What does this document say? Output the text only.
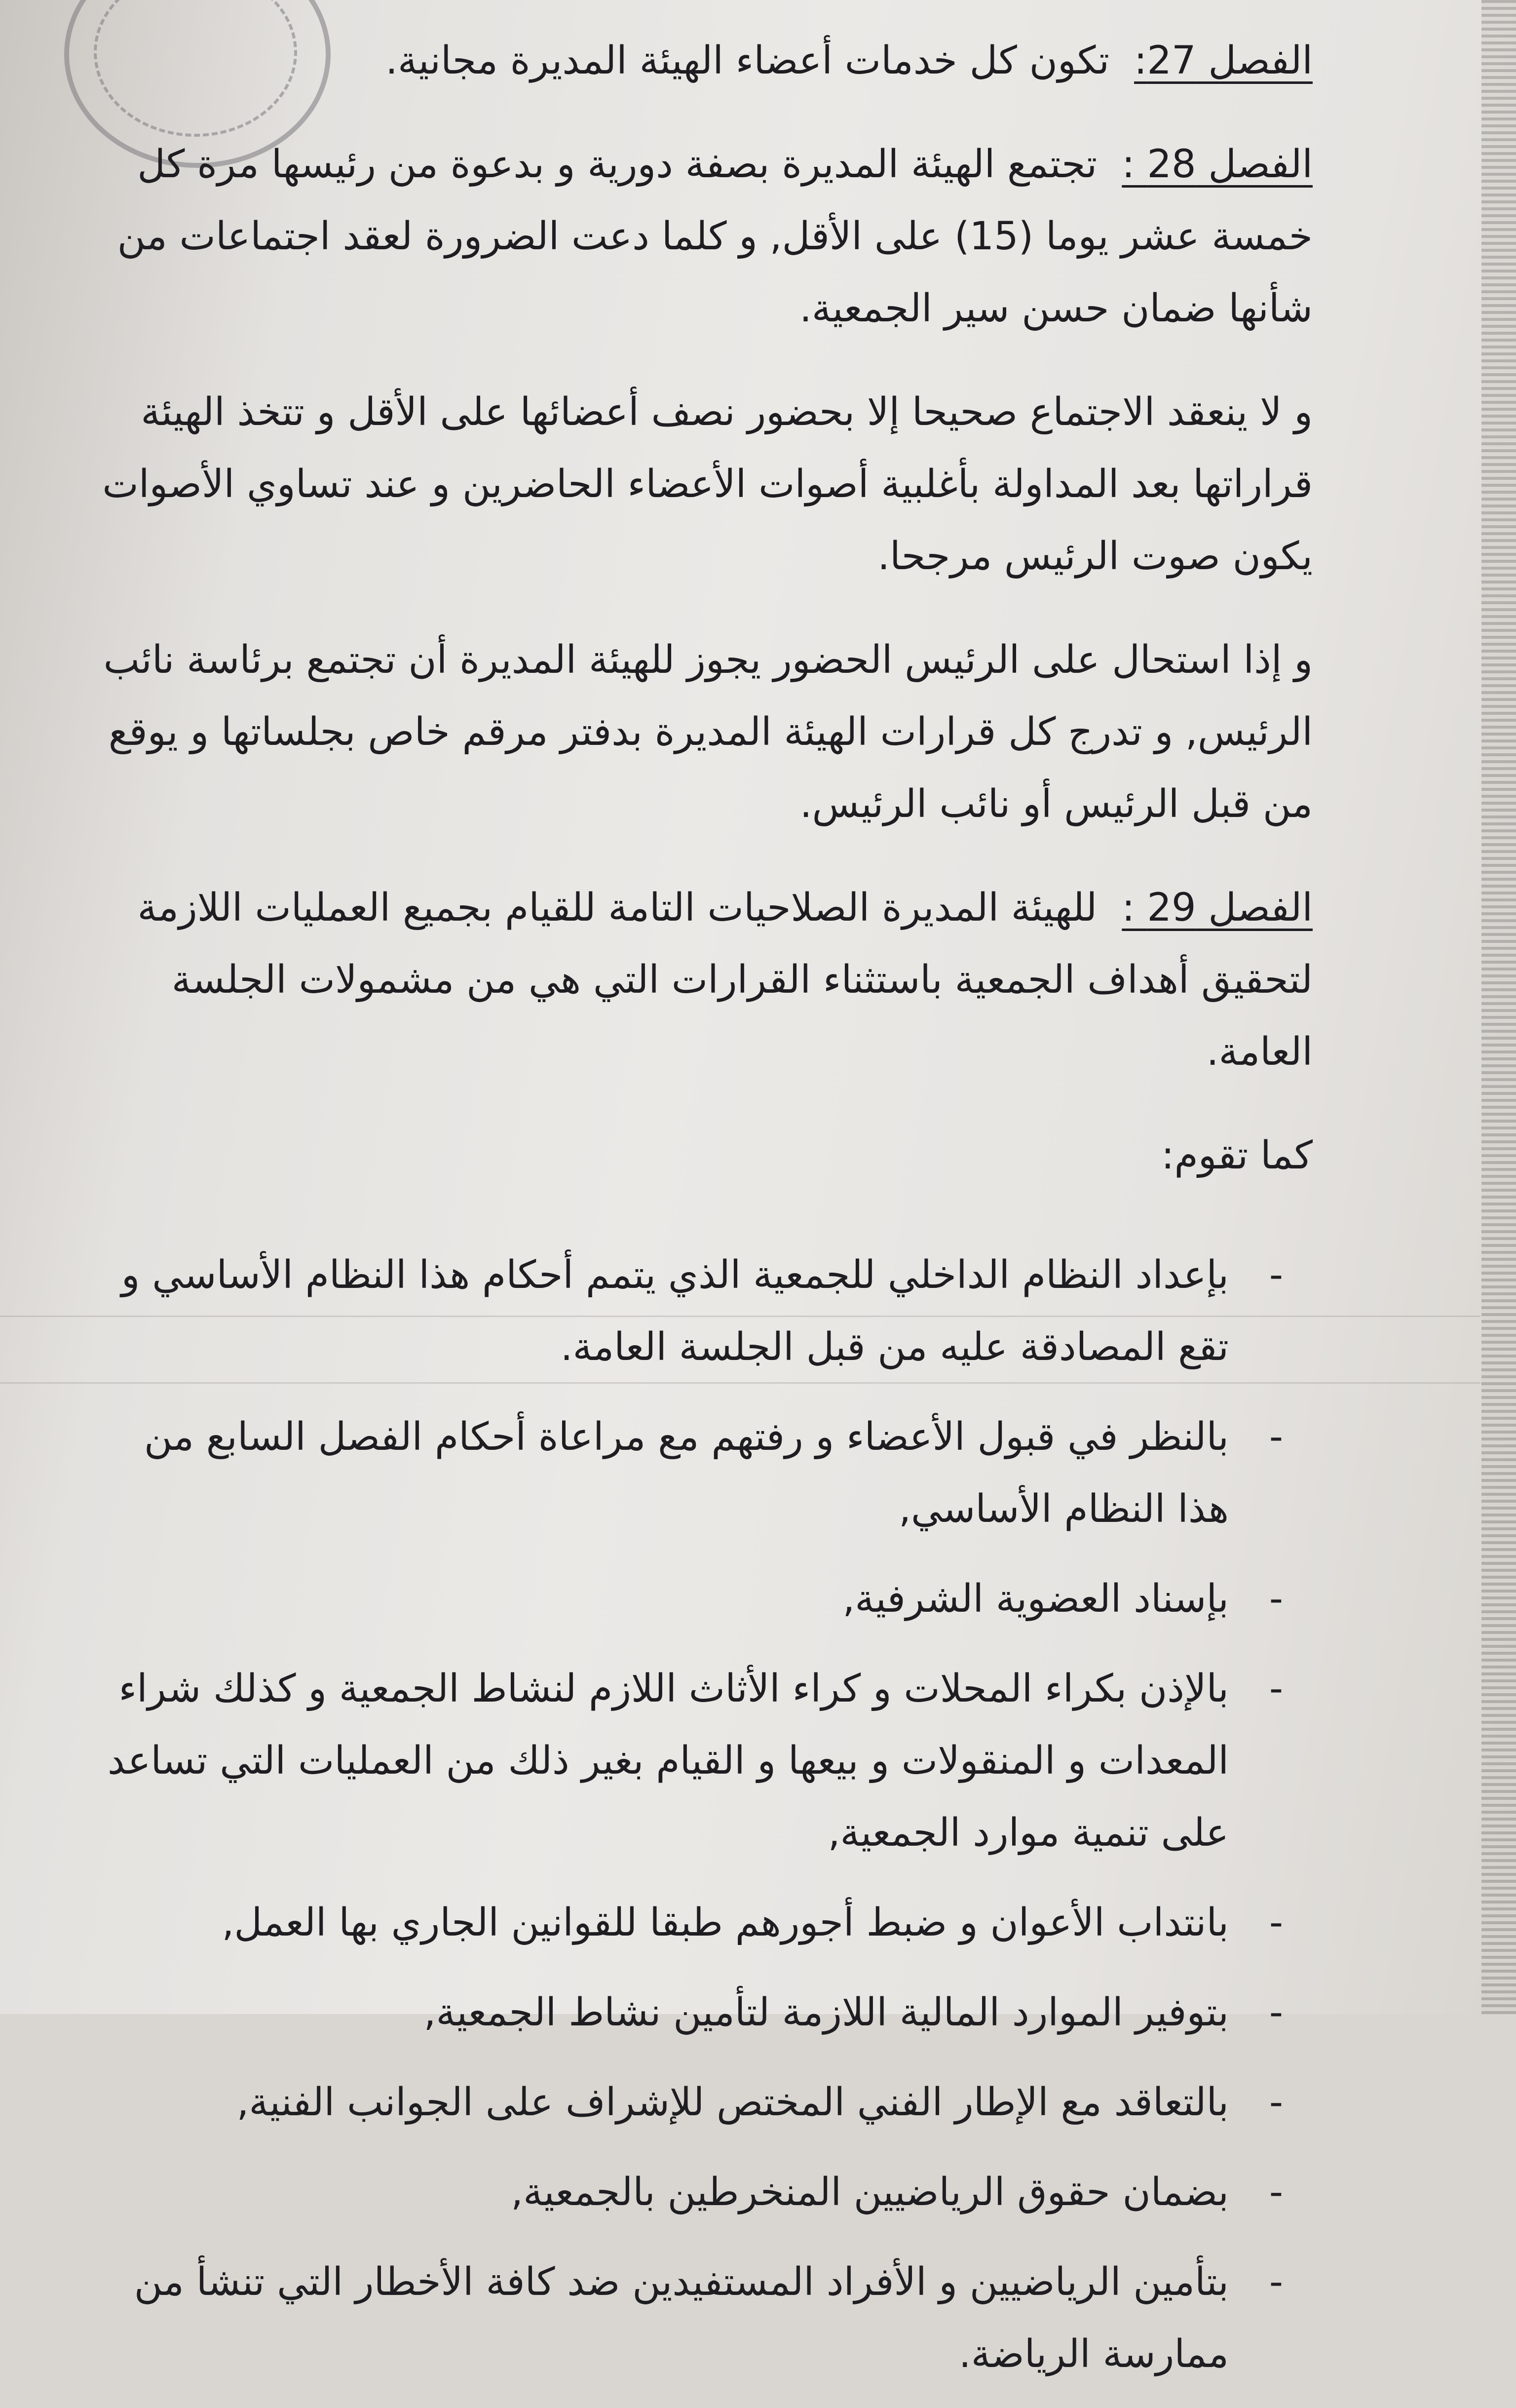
الفصل 27:تكون كل خدمات أعضاء الهيئة المديرة مجانية.

الفصل 28 :تجتمع الهيئة المديرة بصفة دورية و بدعوة من رئيسها مرة كل خمسة عشر يوما (15) على الأقل, و كلما دعت الضرورة لعقد اجتماعات من شأنها ضمان حسن سير الجمعية.

و لا ينعقد الاجتماع صحيحا إلا بحضور نصف أعضائها على الأقل و تتخذ الهيئة قراراتها بعد المداولة بأغلبية أصوات الأعضاء الحاضرين و عند تساوي الأصوات يكون صوت الرئيس مرجحا.

و إذا استحال على الرئيس الحضور يجوز للهيئة المديرة أن تجتمع برئاسة نائب الرئيس, و تدرج كل قرارات الهيئة المديرة بدفتر مرقم خاص بجلساتها و يوقع من قبل الرئيس أو نائب الرئيس.

الفصل 29 :للهيئة المديرة الصلاحيات التامة للقيام بجميع العمليات اللازمة لتحقيق أهداف الجمعية باستثناء القرارات التي هي من مشمولات الجلسة العامة.

كما تقوم:

-
بإعداد النظام الداخلي للجمعية الذي يتمم أحكام هذا النظام الأساسي و تقع المصادقة عليه من قبل الجلسة العامة.
-
بالنظر في قبول الأعضاء و رفتهم مع مراعاة أحكام الفصل السابع من هذا النظام الأساسي,
-
بإسناد العضوية الشرفية,
-
بالإذن بكراء المحلات و كراء الأثاث اللازم لنشاط الجمعية و كذلك شراء المعدات و المنقولات و بيعها و القيام بغير ذلك من العمليات التي تساعد على تنمية موارد الجمعية,
-
بانتداب الأعوان و ضبط أجورهم طبقا للقوانين الجاري بها العمل,
-
بتوفير الموارد المالية اللازمة لتأمين نشاط الجمعية,
-
بالتعاقد مع الإطار الفني المختص للإشراف على الجوانب الفنية,
-
بضمان حقوق الرياضيين المنخرطين بالجمعية,
-
بتأمين الرياضيين و الأفراد المستفيدين ضد كافة الأخطار التي تنشأ من ممارسة الرياضة.
